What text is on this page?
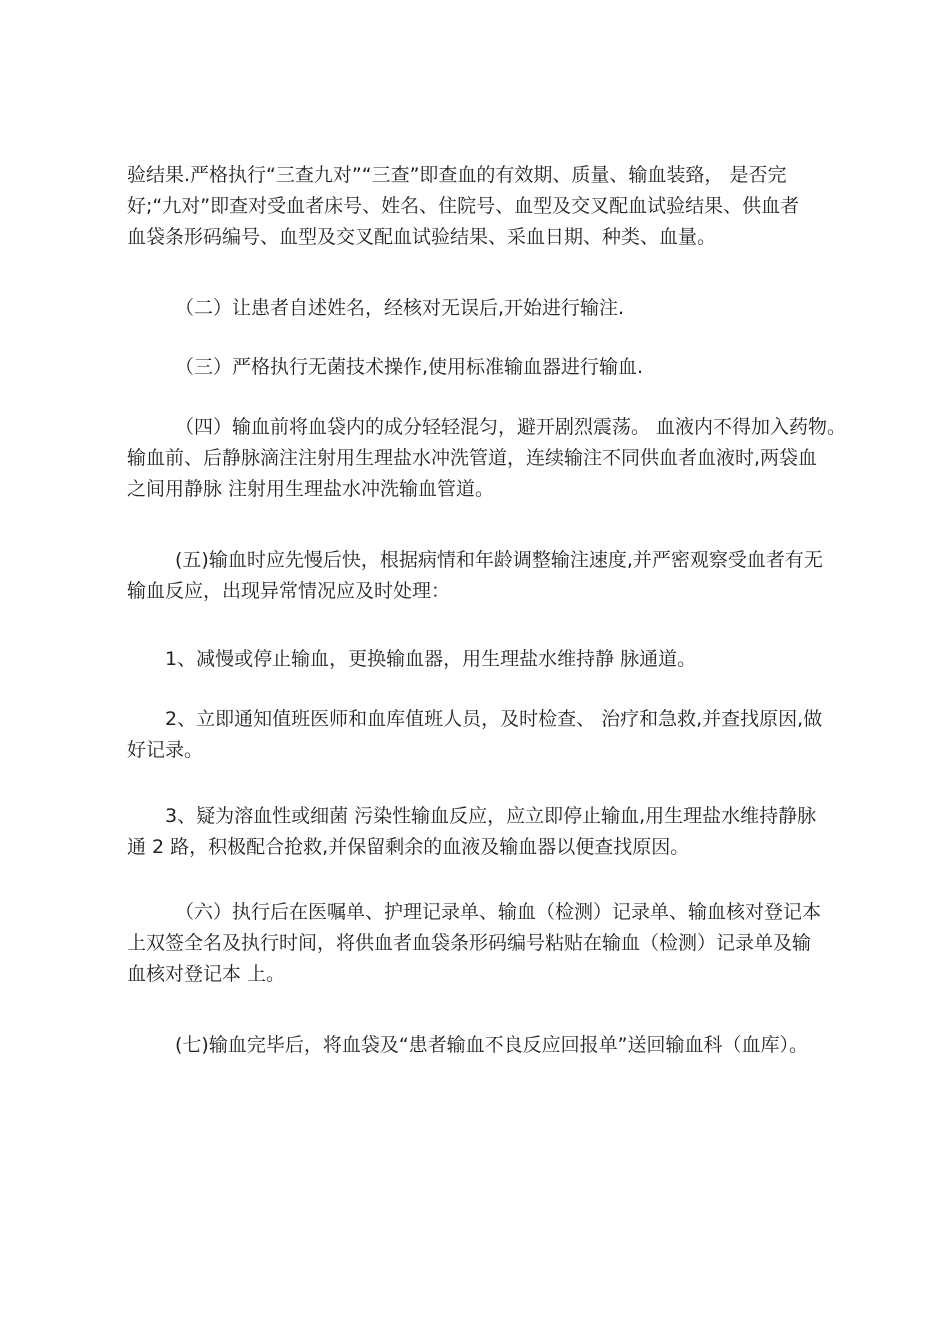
验结果.严格执行“三查九对”“三查”即查血的有效期、质量、输血装臵， 是否完
好;“九对”即查对受血者床号、姓名、住院号、血型及交叉配血试验结果、供血者
血袋条形码编号、血型及交叉配血试验结果、采血日期、种类、血量。

（二）让患者自述姓名，经核对无误后,开始进行输注.

（三）严格执行无菌技术操作,使用标准输血器进行输血.

（四）输血前将血袋内的成分轻轻混匀，避开剧烈震荡。 血液内不得加入药物。
输血前、后静脉滴注注射用生理盐水冲洗管道，连续输注不同供血者血液时,两袋血
之间用静脉 注射用生理盐水冲洗输血管道。

(五)输血时应先慢后快，根据病情和年龄调整输注速度,并严密观察受血者有无
输血反应，出现异常情况应及时处理：

1、减慢或停止输血，更换输血器，用生理盐水维持静 脉通道。

2、立即通知值班医师和血库值班人员，及时检查、 治疗和急救,并查找原因,做
好记录。

3、疑为溶血性或细菌 污染性输血反应，应立即停止输血,用生理盐水维持静脉
通 2 路，积极配合抢救,并保留剩余的血液及输血器以便查找原因。

（六）执行后在医嘱单、护理记录单、输血（检测）记录单、输血核对登记本
上双签全名及执行时间，将供血者血袋条形码编号粘贴在输血（检测）记录单及输
血核对登记本 上。

(七)输血完毕后，将血袋及“患者输血不良反应回报单”送回输血科（血库）。
